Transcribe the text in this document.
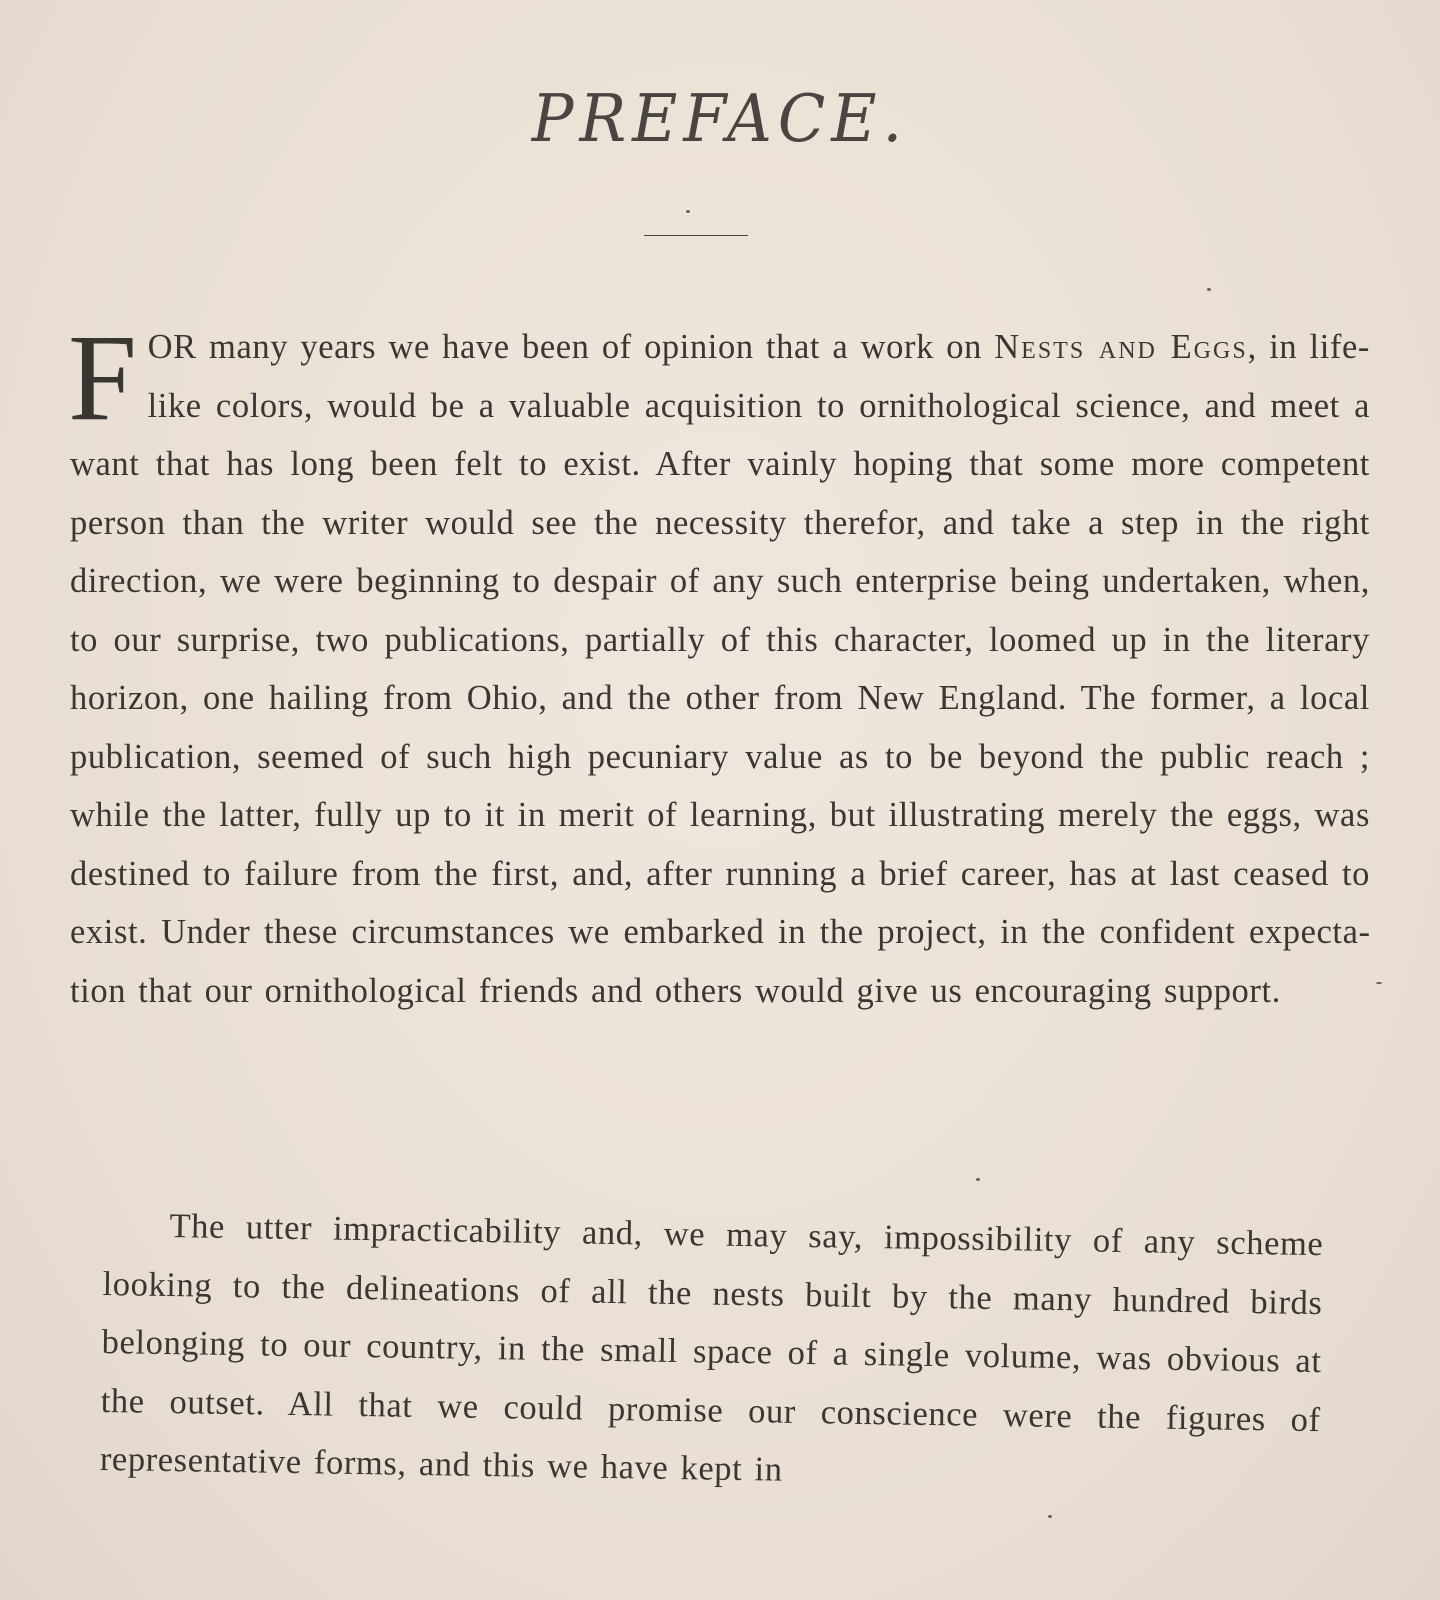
PREFACE.

FOR many years we have been of opinion that a work on Nests and Eggs, in life-like colors, would be a valuable acquisition to ornithological science, and meet a want that has long been felt to exist. After vainly hoping that some more competent person than the writer would see the necessity therefor, and take a step in the right direction, we were beginning to despair of any such enterprise being undertaken, when, to our surprise, two publications, partially of this character, loomed up in the literary horizon, one hailing from Ohio, and the other from New England. The former, a local publication, seemed of such high pecuniary value as to be beyond the public reach ; while the latter, fully up to it in merit of learning, but illustrating merely the eggs, was destined to failure from the first, and, after running a brief career, has at last ceased to exist. Under these circumstances we embarked in the project, in the confident expectation that our ornithological friends and others would give us encouraging support.

The utter impracticability and, we may say, impossibility of any scheme looking to the delineations of all the nests built by the many hundred birds belonging to our country, in the small space of a single volume, was obvious at the outset. All that we could promise our conscience were the figures of representative forms, and this we have kept in
